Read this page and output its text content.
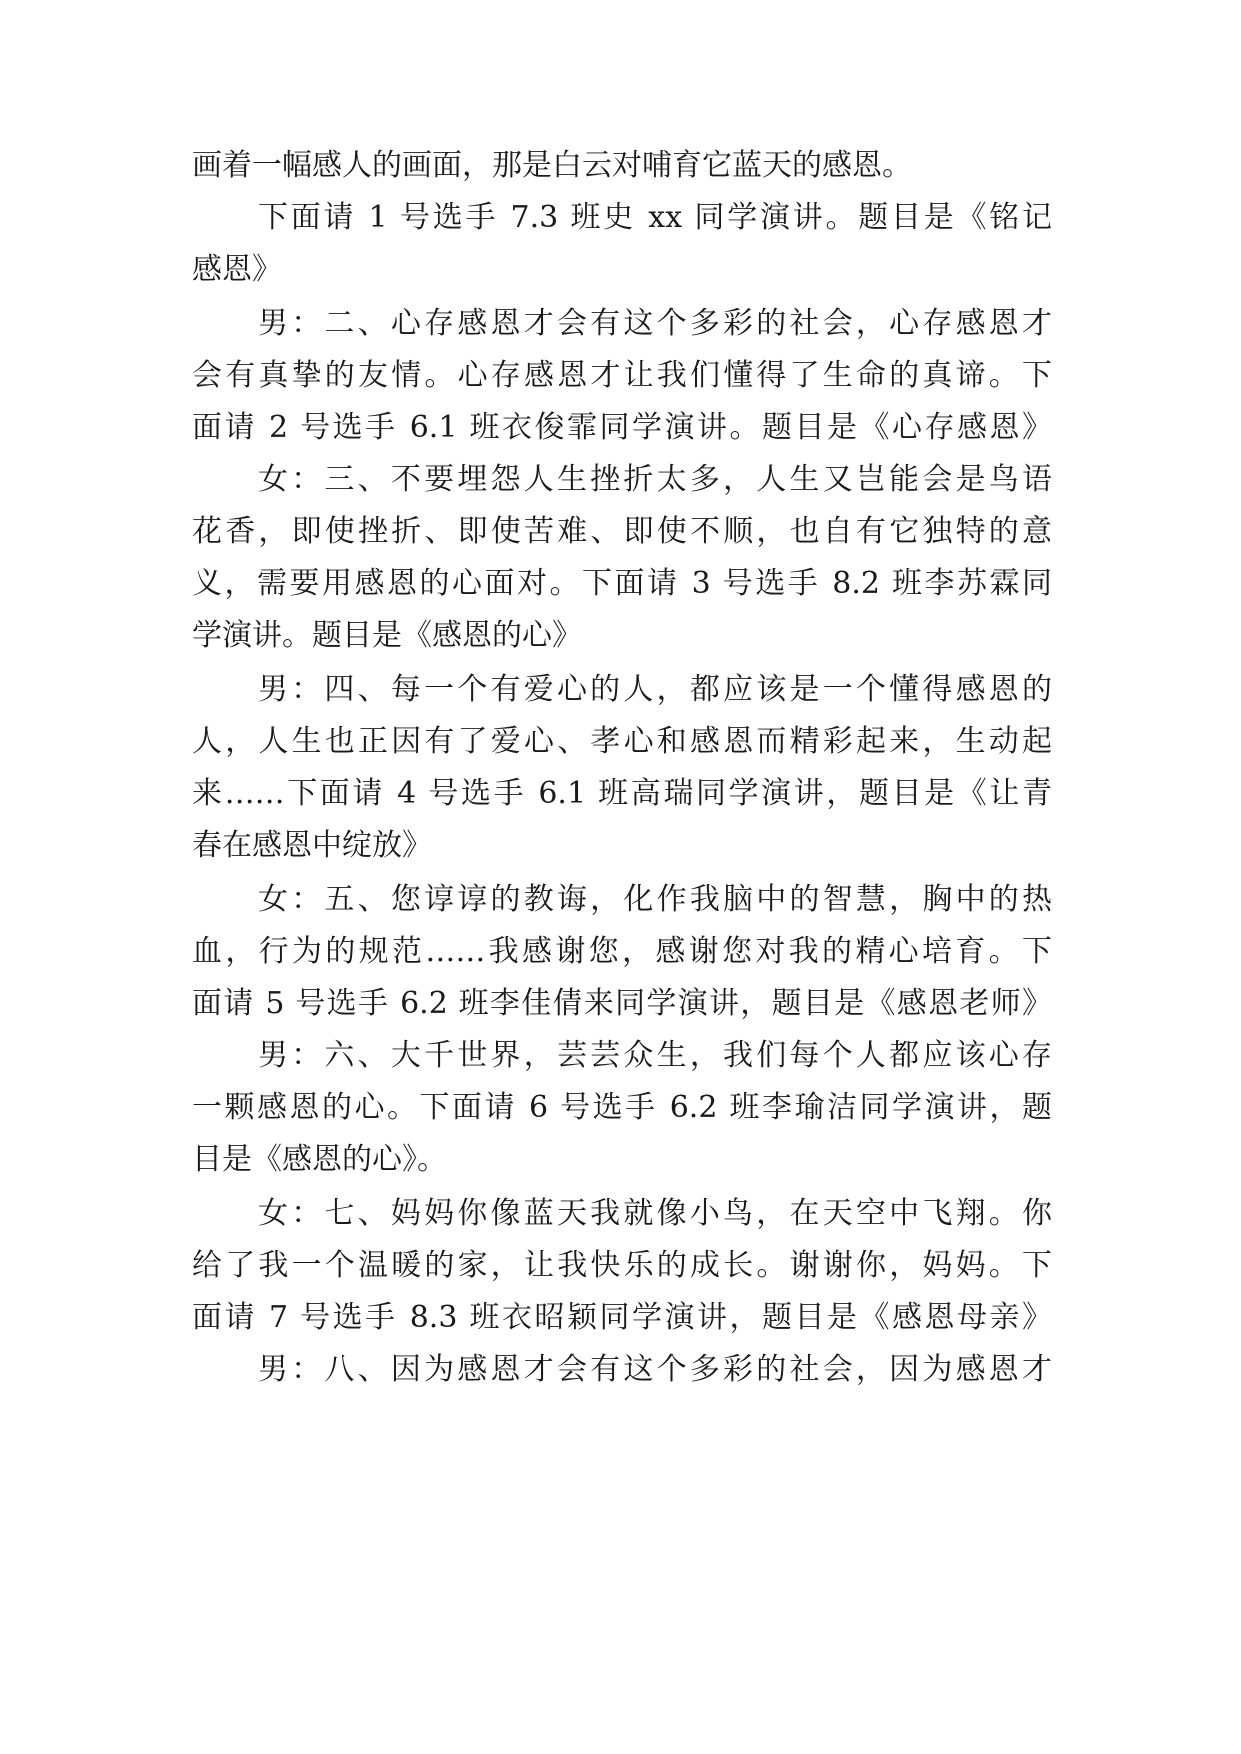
画着一幅感人的画面，那是白云对哺育它蓝天的感恩。
下面请 1 号选手 7.3 班史 xx 同学演讲。题目是《铭记
感恩》
男：二、心存感恩才会有这个多彩的社会，心存感恩才
会有真挚的友情。心存感恩才让我们懂得了生命的真谛。下
面请 2 号选手 6.1 班衣俊霏同学演讲。题目是《心存感恩》
女：三、不要埋怨人生挫折太多，人生又岂能会是鸟语
花香，即使挫折、即使苦难、即使不顺，也自有它独特的意
义，需要用感恩的心面对。下面请 3 号选手 8.2 班李苏霖同
学演讲。题目是《感恩的心》
男：四、每一个有爱心的人，都应该是一个懂得感恩的
人，人生也正因有了爱心、孝心和感恩而精彩起来，生动起
来……下面请 4 号选手 6.1 班高瑞同学演讲，题目是《让青
春在感恩中绽放》
女：五、您谆谆的教诲，化作我脑中的智慧，胸中的热
血，行为的规范……我感谢您，感谢您对我的精心培育。下
面请 5 号选手 6.2 班李佳倩来同学演讲，题目是《感恩老师》
男：六、大千世界，芸芸众生，我们每个人都应该心存
一颗感恩的心。下面请 6 号选手 6.2 班李瑜洁同学演讲，题
目是《感恩的心》。
女：七、妈妈你像蓝天我就像小鸟，在天空中飞翔。你
给了我一个温暖的家，让我快乐的成长。谢谢你，妈妈。下
面请 7 号选手 8.3 班衣昭颖同学演讲，题目是《感恩母亲》
男：八、因为感恩才会有这个多彩的社会，因为感恩才
